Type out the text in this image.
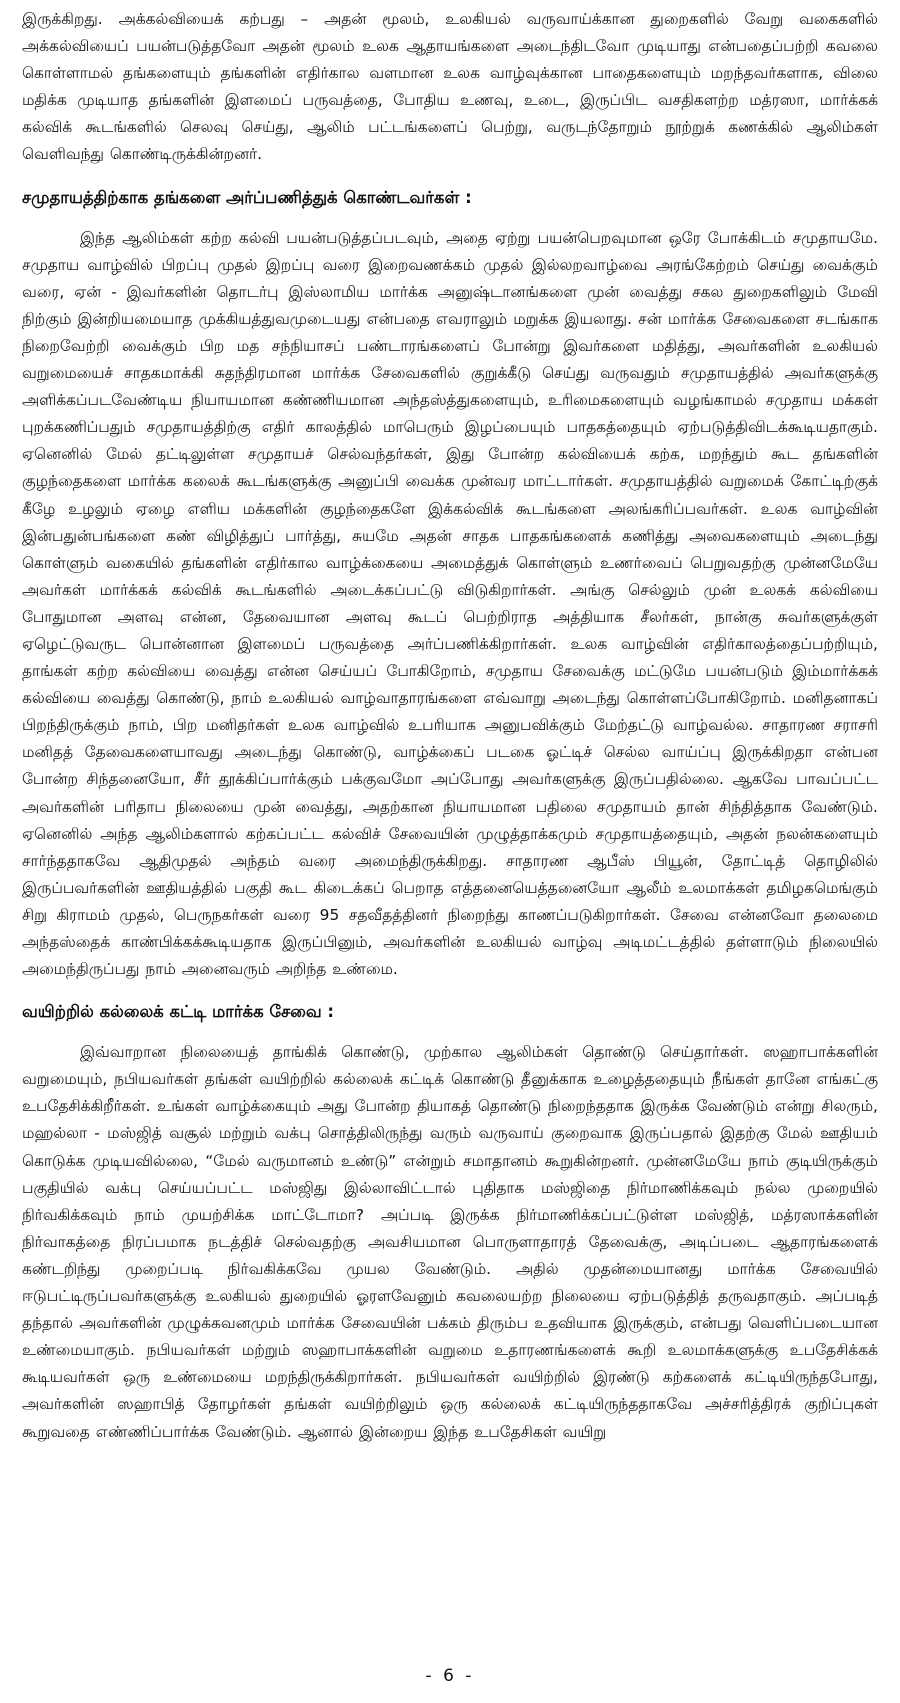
இருக்கிறது. அக்கல்வியைக் கற்பது – அதன் மூலம், உலகியல் வருவாய்க்கான துறைகளில் வேறு வகைகளில் அக்கல்வியைப் பயன்படுத்தவோ அதன் மூலம் உலக ஆதாயங்களை அடைந்திடவோ முடியாது என்பதைப்பற்றி கவலை கொள்ளாமல் தங்களையும் தங்களின் எதிர்கால வளமான உலக வாழ்வுக்கான பாதைகளையும் மறந்தவர்களாக, விலை மதிக்க முடியாத தங்களின் இளமைப் பருவத்தை, போதிய உணவு, உடை, இருப்பிட வசதிகளற்ற மத்ரஸா, மார்க்கக் கல்விக் கூடங்களில் செலவு செய்து, ஆலிம் பட்டங்களைப் பெற்று, வருடந்தோறும் நூற்றுக் கணக்கில் ஆலிம்கள் வெளிவந்து கொண்டிருக்கின்றனர்.

சமுதாயத்திற்காக தங்களை அர்ப்பணித்துக் கொண்டவர்கள் :

இந்த ஆலிம்கள் கற்ற கல்வி பயன்படுத்தப்படவும், அதை ஏற்று பயன்பெறவுமான ஒரே போக்கிடம் சமுதாயமே. சமுதாய வாழ்வில் பிறப்பு முதல் இறப்பு வரை இறைவணக்கம் முதல் இல்லறவாழ்வை அரங்கேற்றம் செய்து வைக்கும் வரை, ஏன் - இவர்களின் தொடர்பு இஸ்லாமிய மார்க்க அனுஷ்டானங்களை முன் வைத்து சகல துறைகளிலும் மேவி நிற்கும் இன்றியமையாத முக்கியத்துவமுடையது என்பதை எவராலும் மறுக்க இயலாது. சன் மார்க்க சேவைகளை சடங்காக நிறைவேற்றி வைக்கும் பிற மத சந்நியாசப் பண்டாரங்களைப் போன்று இவர்களை மதித்து, அவர்களின் உலகியல் வறுமையைச் சாதகமாக்கி சுதந்திரமான மார்க்க சேவைகளில் குறுக்கீடு செய்து வருவதும் சமுதாயத்தில் அவர்களுக்கு அளிக்கப்படவேண்டிய நியாயமான கண்ணியமான அந்தஸ்த்துகளையும், உரிமைகளையும் வழங்காமல் சமுதாய மக்கள் புறக்கணிப்பதும் சமுதாயத்திற்கு எதிர் காலத்தில் மாபெரும் இழப்பையும் பாதகத்தையும் ஏற்படுத்திவிடக்கூடியதாகும். ஏனெனில் மேல் தட்டிலுள்ள சமுதாயச் செல்வந்தர்கள், இது போன்ற கல்வியைக் கற்க, மறந்தும் கூட தங்களின் குழந்தைகளை மார்க்க கலைக் கூடங்களுக்கு அனுப்பி வைக்க முன்வர மாட்டார்கள். சமுதாயத்தில் வறுமைக் கோட்டிற்குக் கீழே உழலும் ஏழை எளிய மக்களின் குழந்தைகளே இக்கல்விக் கூடங்களை அலங்கரிப்பவர்கள். உலக வாழ்வின் இன்பதுன்பங்களை கண் விழித்துப் பார்த்து, சுயமே அதன் சாதக பாதகங்களைக் கணித்து அவைகளையும் அடைந்து கொள்ளும் வகையில் தங்களின் எதிர்கால வாழ்க்கையை அமைத்துக் கொள்ளும் உணர்வைப் பெறுவதற்கு முன்னமேயே அவர்கள் மார்க்கக் கல்விக் கூடங்களில் அடைக்கப்பட்டு விடுகிறார்கள். அங்கு செல்லும் முன் உலகக் கல்வியை போதுமான அளவு என்ன, தேவையான அளவு கூடப் பெற்றிராத அத்தியாக சீலர்கள், நான்கு சுவர்களுக்குள் ஏழெட்டுவருட பொன்னான இளமைப் பருவத்தை அர்ப்பணிக்கிறார்கள். உலக வாழ்வின் எதிர்காலத்தைப்பற்றியும், தாங்கள் கற்ற கல்வியை வைத்து என்ன செய்யப் போகிறோம், சமுதாய சேவைக்கு மட்டுமே பயன்படும் இம்மார்க்கக் கல்வியை வைத்து கொண்டு, நாம் உலகியல் வாழ்வாதாரங்களை எவ்வாறு அடைந்து கொள்ளப்போகிறோம். மனிதனாகப் பிறந்திருக்கும் நாம், பிற மனிதர்கள் உலக வாழ்வில் உபரியாக அனுபவிக்கும் மேற்தட்டு வாழ்வல்ல. சாதாரண சராசரி மனிதத் தேவைகளையாவது அடைந்து கொண்டு, வாழ்க்கைப் படகை ஓட்டிச் செல்ல வாய்ப்பு இருக்கிறதா என்பன போன்ற சிந்தனையோ, சீர் தூக்கிப்பார்க்கும் பக்குவமோ அப்போது அவர்களுக்கு இருப்பதில்லை. ஆகவே பாவப்பட்ட அவர்களின் பரிதாப நிலையை முன் வைத்து, அதற்கான நியாயமான பதிலை சமுதாயம் தான் சிந்தித்தாக வேண்டும். ஏனெனில் அந்த ஆலிம்களால் கற்கப்பட்ட கல்விச் சேவையின் முழுத்தாக்கமும் சமுதாயத்தையும், அதன் நலன்களையும் சார்ந்ததாகவே ஆதிமுதல் அந்தம் வரை அமைந்திருக்கிறது. சாதாரண ஆபீஸ் பியூன், தோட்டித் தொழிலில் இருப்பவர்களின் ஊதியத்தில் பகுதி கூட கிடைக்கப் பெறாத எத்தனையெத்தனையோ ஆலீம் உலமாக்கள் தமிழகமெங்கும் சிறு கிராமம் முதல், பெருநகர்கள் வரை 95 சதவீதத்தினர் நிறைந்து காணப்படுகிறார்கள். சேவை என்னவோ தலைமை அந்தஸ்தைக் காண்பிக்கக்கூடியதாக இருப்பினும், அவர்களின் உலகியல் வாழ்வு அடிமட்டத்தில் தள்ளாடும் நிலையில் அமைந்திருப்பது நாம் அனைவரும் அறிந்த உண்மை.

வயிற்றில் கல்லைக் கட்டி மார்க்க சேவை :

இவ்வாறான நிலையைத் தாங்கிக் கொண்டு, முற்கால ஆலிம்கள் தொண்டு செய்தார்கள். ஸஹாபாக்களின் வறுமையும், நபியவர்கள் தங்கள் வயிற்றில் கல்லைக் கட்டிக் கொண்டு தீனுக்காக உழைத்ததையும் நீங்கள் தானே எங்கட்கு உபதேசிக்கிறீர்கள். உங்கள் வாழ்க்கையும் அது போன்ற தியாகத் தொண்டு நிறைந்ததாக இருக்க வேண்டும் என்று சிலரும், மஹல்லா - மஸ்ஜித் வசூல் மற்றும் வக்பு சொத்திலிருந்து வரும் வருவாய் குறைவாக இருப்பதால் இதற்கு மேல் ஊதியம் கொடுக்க முடியவில்லை, “மேல் வருமானம் உண்டு” என்றும் சமாதானம் கூறுகின்றனர். முன்னமேயே நாம் குடியிருக்கும் பகுதியில் வக்பு செய்யப்பட்ட மஸ்ஜிது இல்லாவிட்டால் புதிதாக மஸ்ஜிதை நிர்மாணிக்கவும் நல்ல முறையில் நிர்வகிக்கவும் நாம் முயற்சிக்க மாட்டோமா? அப்படி இருக்க நிர்மாணிக்கப்பட்டுள்ள மஸ்ஜித், மத்ரஸாக்களின் நிர்வாகத்தை நிரப்பமாக நடத்திச் செல்வதற்கு அவசியமான பொருளாதாரத் தேவைக்கு, அடிப்படை ஆதாரங்களைக் கண்டறிந்து முறைப்படி நிர்வகிக்கவே முயல வேண்டும். அதில் முதன்மையானது மார்க்க சேவையில் ஈடுபட்டிருப்பவர்களுக்கு உலகியல் துறையில் ஓரளவேனும் கவலையற்ற நிலையை ஏற்படுத்தித் தருவதாகும். அப்படித் தந்தால் அவர்களின் முழுக்கவனமும் மார்க்க சேவையின் பக்கம் திரும்ப உதவியாக இருக்கும், என்பது வெளிப்படையான உண்மையாகும். நபியவர்கள் மற்றும் ஸஹாபாக்களின் வறுமை உதாரணங்களைக் கூறி உலமாக்களுக்கு உபதேசிக்கக் கூடியவர்கள் ஒரு உண்மையை மறந்திருக்கிறார்கள். நபியவர்கள் வயிற்றில் இரண்டு கற்களைக் கட்டியிருந்தபோது, அவர்களின் ஸஹாபித் தோழர்கள் தங்கள் வயிற்றிலும் ஒரு கல்லைக் கட்டியிருந்ததாகவே அச்சரித்திரக் குறிப்புகள் கூறுவதை எண்ணிப்பார்க்க வேண்டும். ஆனால் இன்றைய இந்த உபதேசிகள் வயிறு

- 6 -
